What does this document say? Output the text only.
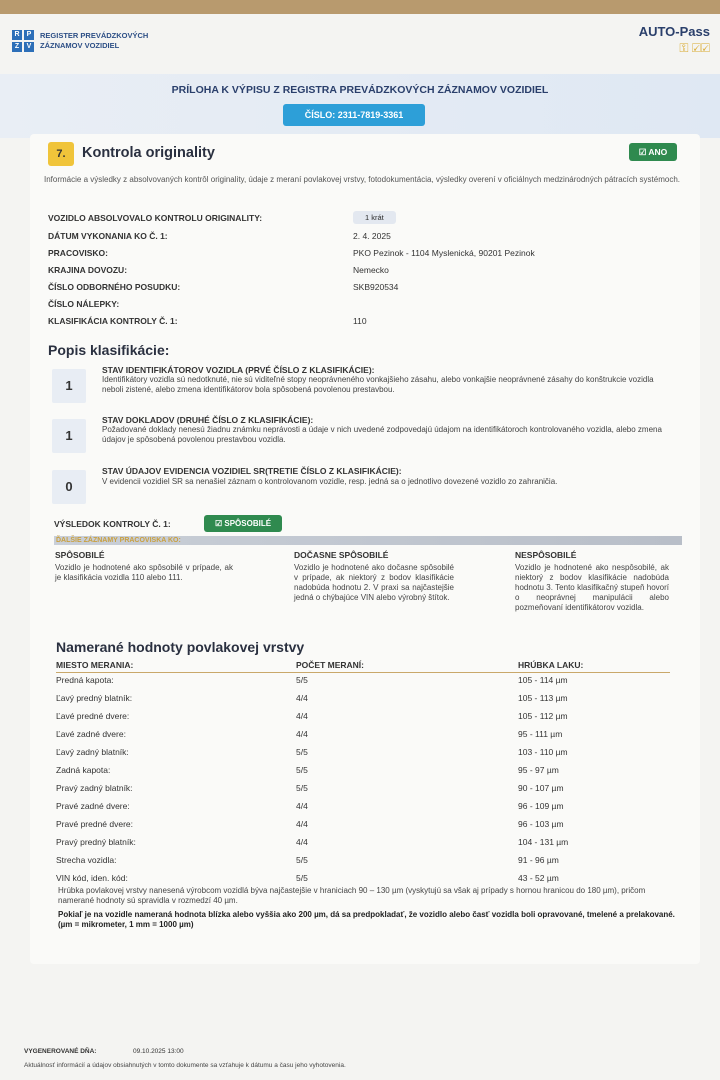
R	P
Z	V
REGISTER PREVÁDZKOVÝCH
ZÁZNAMOV VOZIDIEL
AUTO-Pass
⚿ ☑☑
PRÍLOHA K VÝPISU Z REGISTRA PREVÁDZKOVÝCH ZÁZNAMOV VOZIDIEL
ČÍSLO: 2311-7819-3361
7.	Kontrola originality	☑ ANO
Informácie a výsledky z absolvovaných kontrôl originality, údaje z meraní povlakovej vrstvy, fotodokumentácia, výsledky overení v oficiálnych medzinárodných pátracích systémoch.
VOZIDLO ABSOLVOVALO KONTROLU ORIGINALITY:	1 krát
DÁTUM VYKONANIA KO Č. 1:	2. 4. 2025
PRACOVISKO:	PKO Pezinok - 1104 Myslenická, 90201 Pezinok
KRAJINA DOVOZU:	Nemecko
ČÍSLO ODBORNÉHO POSUDKU:	SKB920534
ČÍSLO NÁLEPKY:
KLASIFIKÁCIA KONTROLY Č. 1:	110
Popis klasifikácie:
1
STAV IDENTIFIKÁTOROV VOZIDLA (PRVÉ ČÍSLO Z KLASIFIKÁCIE):
Identifikátory vozidla sú nedotknuté, nie sú viditeľné stopy neoprávneného vonkajšieho zásahu, alebo vonkajšie neoprávnené zásahy do konštrukcie vozidla neboli zistené, alebo zmena identifikátorov bola spôsobená povolenou prestavbou.
1
STAV DOKLADOV (DRUHÉ ČÍSLO Z KLASIFIKÁCIE):
Požadované doklady nenesú žiadnu známku neprávosti a údaje v nich uvedené zodpovedajú údajom na identifikátoroch kontrolovaného vozidla, alebo zmena údajov je spôsobená povolenou prestavbou vozidla.
0
STAV ÚDAJOV EVIDENCIA VOZIDIEL SR(TRETIE ČÍSLO Z KLASIFIKÁCIE):
V evidencii vozidiel SR sa nenašiel záznam o kontrolovanom vozidle, resp. jedná sa o jednotlivo dovezené vozidlo zo zahraničia.
VÝSLEDOK KONTROLY Č. 1:	☑ SPÔSOBILÉ
ĎALŠIE ZÁZNAMY PRACOVISKA KO:
SPÔSOBILÉ
Vozidlo je hodnotené ako spôsobilé v prípade, ak je klasifikácia vozidla 110 alebo 111.
DOČASNE SPÔSOBILÉ
Vozidlo je hodnotené ako dočasne spôsobilé v prípade, ak niektorý z bodov klasifikácie nadobúda hodnotu 2. V praxi sa najčastejšie jedná o chýbajúce VIN alebo výrobný štítok.
NESPÔSOBILÉ
Vozidlo je hodnotené ako nespôsobilé, ak niektorý z bodov klasifikácie nadobúda hodnotu 3. Tento klasifikačný stupeň hovorí o neoprávnej manipulácii alebo pozmeňovaní identifikátorov vozidla.
Namerané hodnoty povlakovej vrstvy
MIESTO MERANIA:	POČET MERANÍ:	HRÚBKA LAKU:
Predná kapota:	5/5	105 - 114 µm
Ľavý predný blatník:	4/4	105 - 113 µm
Ľavé predné dvere:	4/4	105 - 112 µm
Ľavé zadné dvere:	4/4	95 - 111 µm
Ľavý zadný blatník:	5/5	103 - 110 µm
Zadná kapota:	5/5	95 - 97 µm
Pravý zadný blatník:	5/5	90 - 107 µm
Pravé zadné dvere:	4/4	96 - 109 µm
Pravé predné dvere:	4/4	96 - 103 µm
Pravý predný blatník:	4/4	104 - 131 µm
Strecha vozidla:	5/5	91 - 96 µm
VIN kód, iden. kód:	5/5	43 - 52 µm
Hrúbka povlakovej vrstvy nanesená výrobcom vozidlá býva najčastejšie v hraniciach 90 – 130 µm (vyskytujú sa však aj prípady s hornou hranicou do 180 µm), pričom namerané hodnoty sú spravidla v rozmedzí 40 µm.
Pokiaľ je na vozidle nameraná hodnota blízka alebo vyššia ako 200 µm, dá sa predpokladať, že vozidlo alebo časť vozidla boli opravované, tmelené a prelakované. (µm = mikrometer, 1 mm = 1000 µm)
VYGENEROVANÉ DŇA:	09.10.2025 13:00
Aktuálnosť informácií a údajov obsiahnutých v tomto dokumente sa vzťahuje k dátumu a času jeho vyhotovenia.
